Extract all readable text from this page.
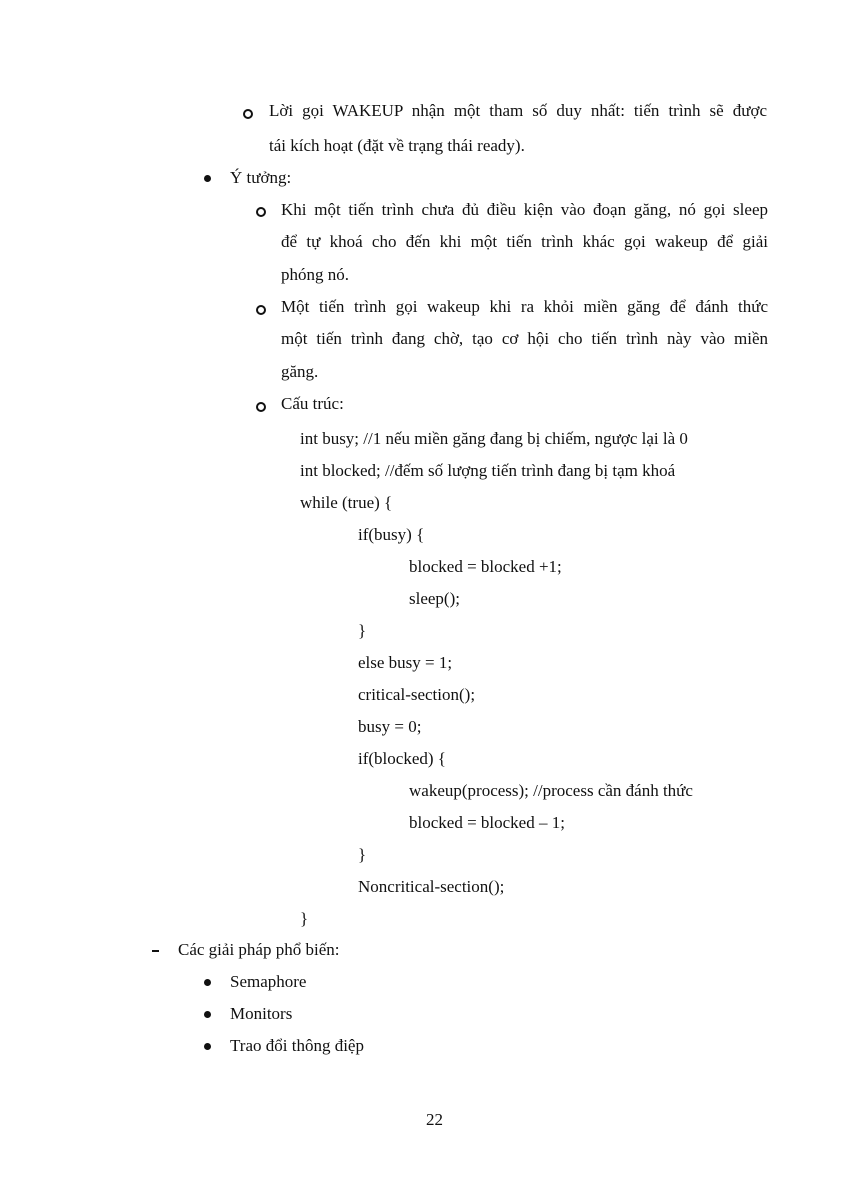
Lời gọi WAKEUP nhận một tham số duy nhất: tiến trình sẽ được
tái kích hoạt (đặt về trạng thái ready).
Ý tưởng:
Khi một tiến trình chưa đủ điều kiện vào đoạn găng, nó gọi sleep
để tự khoá cho đến khi một tiến trình khác gọi wakeup để giải
phóng nó.
Một tiến trình gọi wakeup khi ra khỏi miền găng để đánh thức
một tiến trình đang chờ, tạo cơ hội cho tiến trình này vào miền
găng.
Cấu trúc:
int busy; //1 nếu miền găng đang bị chiếm, ngược lại là 0
int blocked; //đếm số lượng tiến trình đang bị tạm khoá
while (true) {
if(busy) {
blocked = blocked +1;
sleep();
}
else busy = 1;
critical-section();
busy = 0;
if(blocked) {
wakeup(process); //process cần đánh thức
blocked = blocked – 1;
}
Noncritical-section();
}
Các giải pháp phổ biến:
Semaphore
Monitors
Trao đổi thông điệp
22
